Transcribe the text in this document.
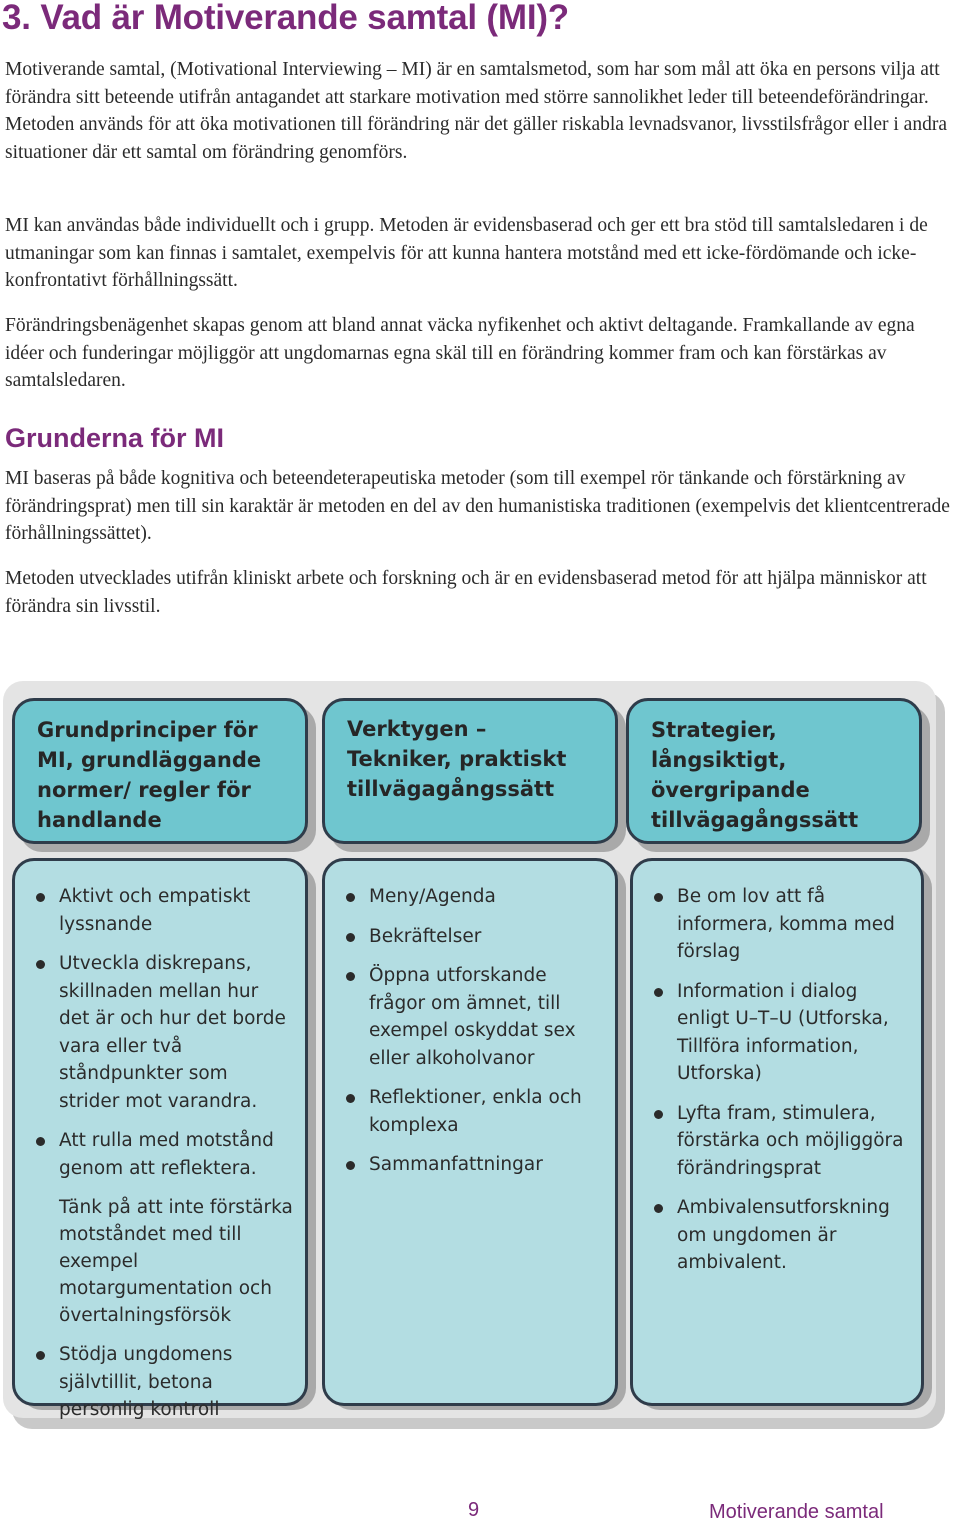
3. Vad är Motiverande samtal (MI)?

Motiverande samtal, (Motivational Interviewing – MI) är en samtalsmetod, som har som mål att öka en persons vilja att förändra sitt beteende utifrån antagandet att starkare motivation med större sannolikhet leder till beteendeförändringar. Metoden används för att öka motivationen till förändring när det gäller riskabla levnadsvanor, livsstilsfrågor eller i andra situationer där ett samtal om förändring genomförs.

MI kan användas både individuellt och i grupp. Metoden är evidensbaserad och ger ett bra stöd till samtalsledaren i de utmaningar som kan finnas i samtalet, exempelvis för att kunna hantera motstånd med ett icke-fördömande och icke-konfrontativt förhållningssätt.

Förändringsbenägenhet skapas genom att bland annat väcka nyfikenhet och aktivt deltagande. Framkallande av egna idéer och funderingar möjliggör att ungdomarnas egna skäl till en förändring kommer fram och kan förstärkas av samtalsledaren.

Grunderna för MI

MI baseras på både kognitiva och beteendeterapeutiska metoder (som till exempel rör tänkande och förstärkning av förändringsprat) men till sin karaktär är metoden en del av den humanistiska traditionen (exempelvis det klientcentrerade förhållningssättet).

Metoden utvecklades utifrån kliniskt arbete och forskning och är en evidensbaserad metod för att hjälpa människor att förändra sin livsstil.

Grundprinciper för MI, grundläggande normer/ regler för handlande
Verktygen – Tekniker, praktiskt tillvägagångssätt
Strategier, långsiktigt, övergripande tillvägagångssätt
Aktivt och empatiskt lyssnande
Utveckla diskrepans, skillnaden mellan hur det är och hur det borde vara eller två ståndpunkter som strider mot varandra.
Att rulla med motstånd genom att reflektera.
Tänk på att inte förstärka motståndet med till exempel motargumentation och övertalningsförsök
Stödja ungdomens självtillit, betona personlig kontroll
Meny/Agenda
Bekräftelser
Öppna utforskande frågor om ämnet, till exempel oskyddat sex eller alkoholvanor
Reflektioner, enkla och komplexa
Sammanfattningar
Be om lov att få informera, komma med förslag
Information i dialog enligt U–T–U (Utforska, Tillföra information, Utforska)
Lyfta fram, stimulera, förstärka och möjliggöra förändringsprat
Ambivalensutforskning om ungdomen är ambivalent.
9	Motiverande samtal
